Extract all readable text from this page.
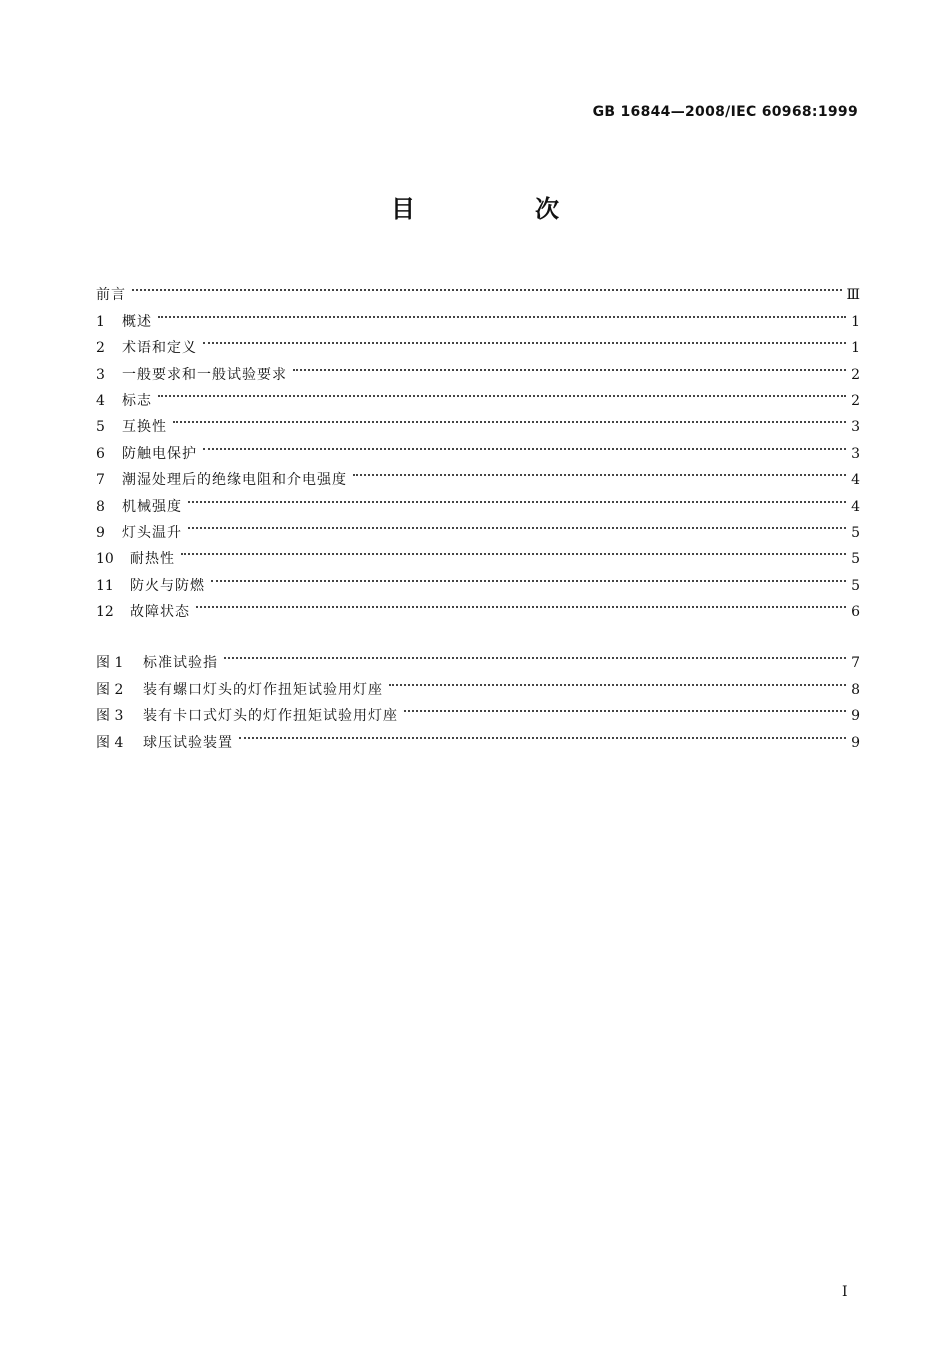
GB 16844—2008/IEC 60968:1999
目　次
前言	Ⅲ
1	概述	1
2	术语和定义	1
3	一般要求和一般试验要求	2
4	标志	2
5	互换性	3
6	防触电保护	3
7	潮湿处理后的绝缘电阻和介电强度	4
8	机械强度	4
9	灯头温升	5
10	耐热性	5
11	防火与防燃	5
12	故障状态	6
图 1	标准试验指	7
图 2	装有螺口灯头的灯作扭矩试验用灯座	8
图 3	装有卡口式灯头的灯作扭矩试验用灯座	9
图 4	球压试验装置	9
I
